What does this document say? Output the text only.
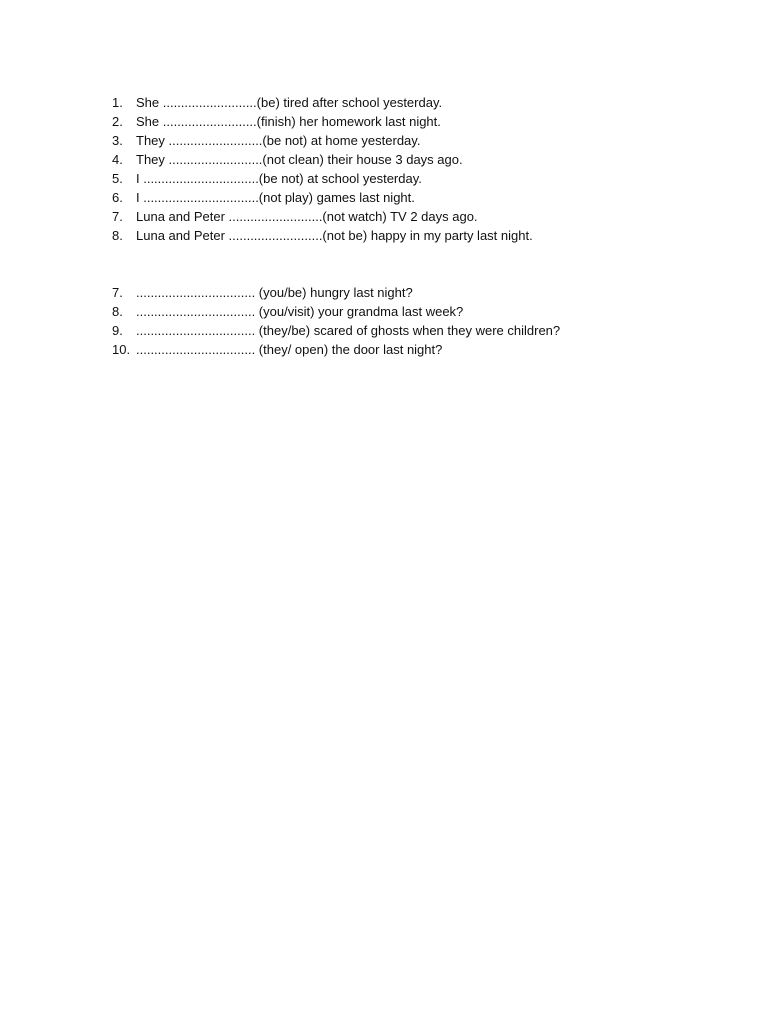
1.	She ..........................(be) tired after school yesterday.
2.	She ..........................(finish) her homework last night.
3.	They ..........................(be not) at home yesterday.
4.	They ..........................(not clean) their house 3 days ago.
5.	I ................................(be not) at school yesterday.
6.	I ................................(not play) games last night.
7.	Luna and Peter ..........................(not watch) TV 2 days ago.
8.	Luna and Peter ..........................(not be) happy in my party last night.
7.	................................. (you/be) hungry last night?
8.	................................. (you/visit) your grandma last week?
9.	................................. (they/be) scared of ghosts when they were children?
10. ................................. (they/ open) the door last night?
